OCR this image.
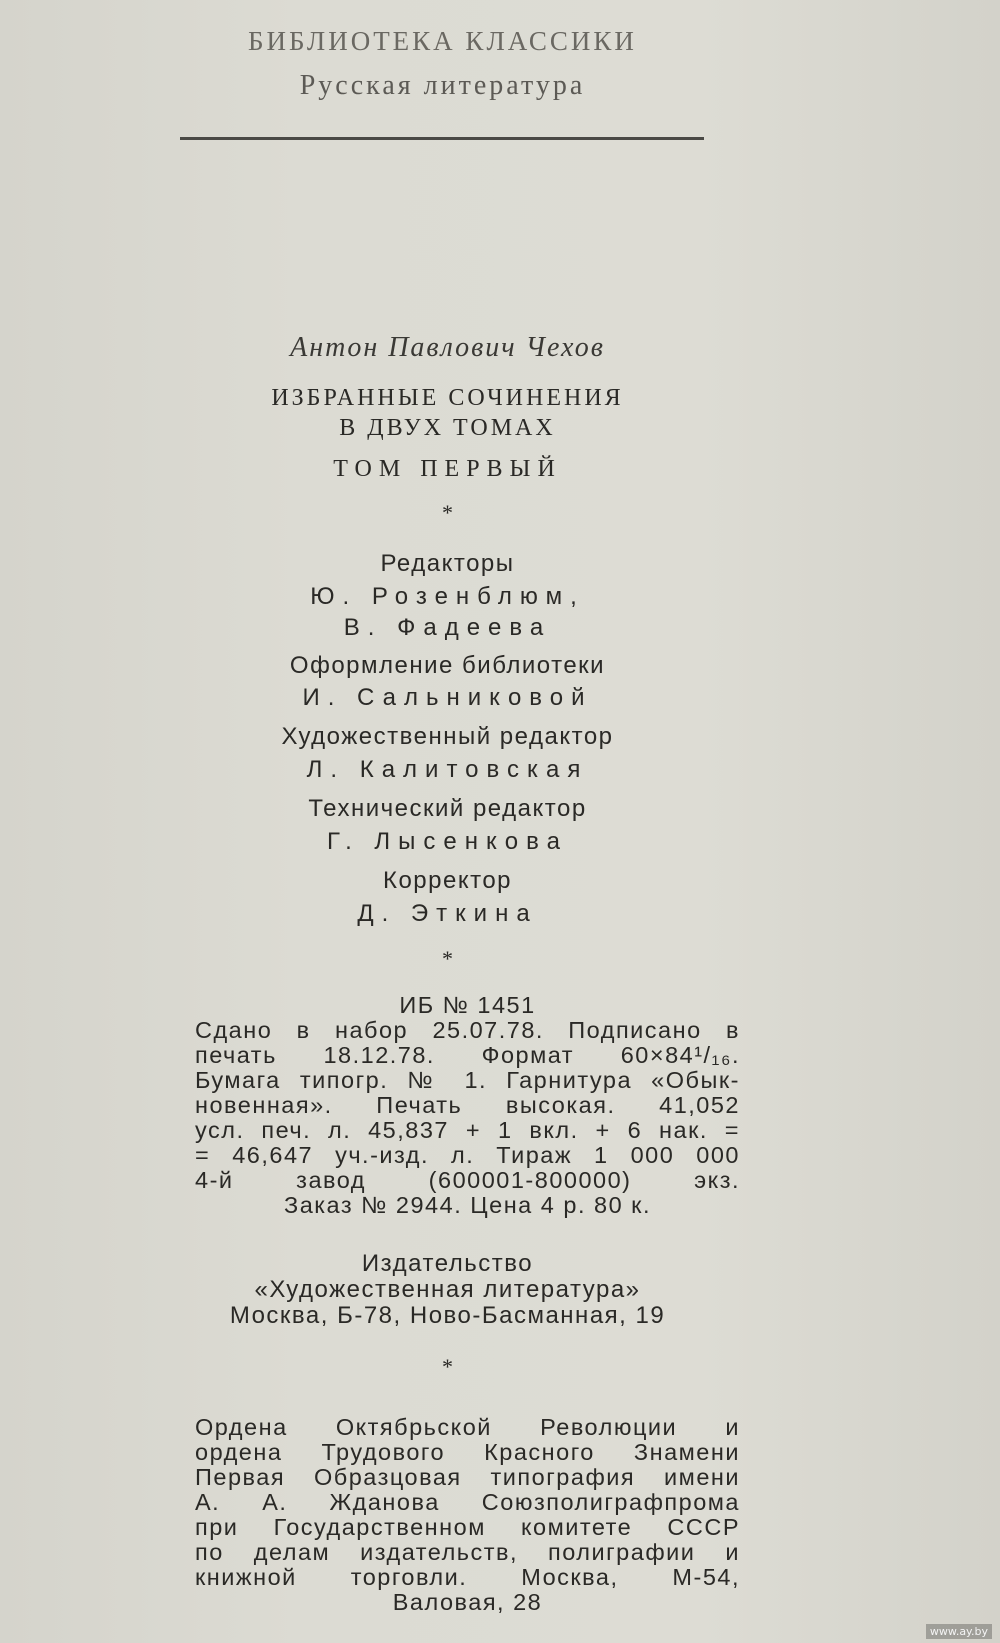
БИБЛИОТЕКА КЛАССИКИ
Русская литература
Антон Павлович Чехов
ИЗБРАННЫЕ СОЧИНЕНИЯ
В ДВУХ ТОМАХ
ТОМ ПЕРВЫЙ
*
Редакторы
Ю. Розенблюм,
В. Фадеева
Оформление библиотеки
И. Сальниковой
Художественный редактор
Л. Калитовская
Технический редактор
Г. Лысенкова
Корректор
Д. Эткина
*
ИБ № 1451
Сдано в набор 25.07.78. Подписано в
печать 18.12.78. Формат 60×84¹/₁₆.
Бумага типогр. № 1. Гарнитура «Обык-
новенная». Печать высокая. 41,052
усл. печ. л. 45,837 + 1 вкл. + 6 нак. =
= 46,647 уч.-изд. л. Тираж 1 000 000
4-й завод (600001-800000) экз.
Заказ № 2944. Цена 4 р. 80 к.
Издательство
«Художественная литература»
Москва, Б-78, Ново-Басманная, 19
*
Ордена Октябрьской Революции и
ордена Трудового Красного Знамени
Первая Образцовая типография имени
А. А. Жданова Союзполиграфпрома
при Государственном комитете СССР
по делам издательств, полиграфии и
книжной торговли. Москва, М-54,
Валовая, 28
www.ay.by
